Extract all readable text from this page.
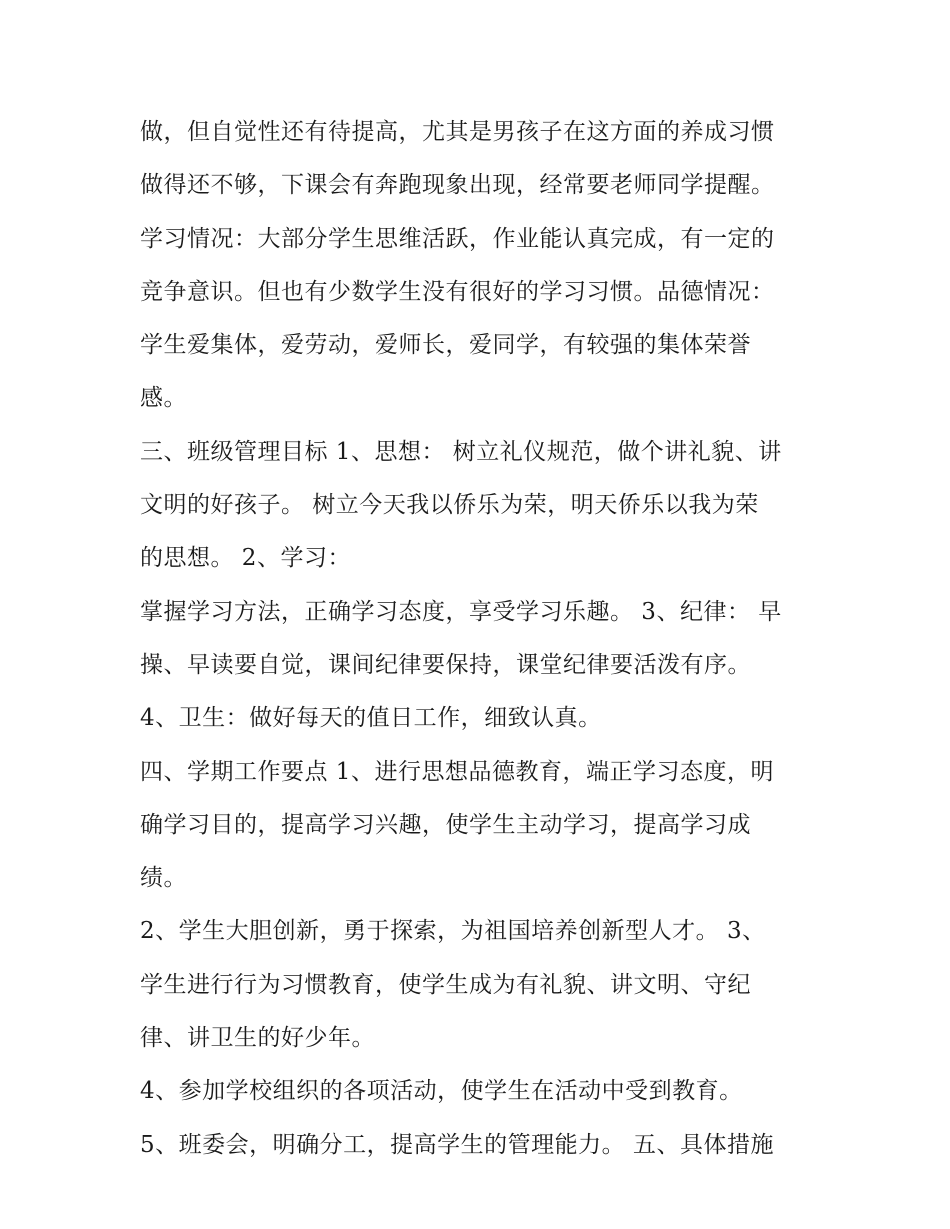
做，但自觉性还有待提高，尤其是男孩子在这方面的养成习惯
做得还不够，下课会有奔跑现象出现，经常要老师同学提醒。
学习情况：大部分学生思维活跃，作业能认真完成，有一定的
竞争意识。但也有少数学生没有很好的学习习惯。品德情况：
学生爱集体，爱劳动，爱师长，爱同学，有较强的集体荣誉
感。
三、班级管理目标 1、思想： 树立礼仪规范，做个讲礼貌、讲
文明的好孩子。 树立今天我以侨乐为荣，明天侨乐以我为荣
的思想。 2、学习：
掌握学习方法，正确学习态度，享受学习乐趣。 3、纪律： 早
操、早读要自觉，课间纪律要保持，课堂纪律要活泼有序。
4、卫生：做好每天的值日工作，细致认真。
四、学期工作要点 1、进行思想品德教育，端正学习态度，明
确学习目的，提高学习兴趣，使学生主动学习，提高学习成
绩。
2、学生大胆创新，勇于探索，为祖国培养创新型人才。 3、
学生进行行为习惯教育，使学生成为有礼貌、讲文明、守纪
律、讲卫生的好少年。
4、参加学校组织的各项活动，使学生在活动中受到教育。
5、班委会，明确分工，提高学生的管理能力。 五、具体措施
